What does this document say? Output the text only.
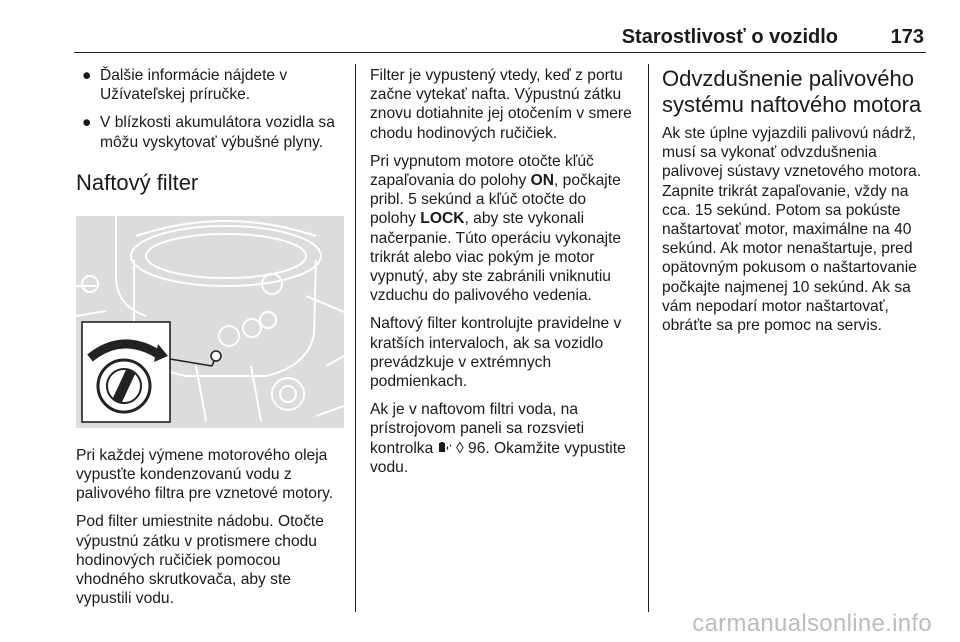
Starostlivosť o vozidlo	173
● Ďalšie informácie nájdete v Užívateľskej príručke.
● V blízkosti akumulátora vozidla sa môžu vyskytovať výbušné plyny.
Naftový filter

Pri každej výmene motorového oleja vypusťte kondenzovanú vodu z palivového filtra pre vznetové motory.

Pod filter umiestnite nádobu. Otočte výpustnú zátku v protismere chodu hodinových ručičiek pomocou vhodného skrutkovača, aby ste vypustili vodu.

Filter je vypustený vtedy, keď z portu začne vytekať nafta. Výpustnú zátku znovu dotiahnite jej otočením v smere chodu hodinových ručičiek.

Pri vypnutom motore otočte kľúč zapaľovania do polohy ON, počkajte pribl. 5 sekúnd a kľúč otočte do polohy LOCK, aby ste vykonali načerpanie. Túto operáciu vykonajte trikrát alebo viac pokým je motor vypnutý, aby ste zabránili vniknutiu vzduchu do palivového vedenia.

Naftový filter kontrolujte pravidelne v kratších intervaloch, ak sa vozidlo prevádzkuje v extrémnych podmienkach.

Ak je v naftovom filtri voda, na prístrojovom paneli sa rozsvieti kontrolka  ◊ 96. Okamžite vypustite vodu.

Odvzdušnenie palivového systému naftového motora

Ak ste úplne vyjazdili palivovú nádrž, musí sa vykonať odvzdušnenia palivovej sústavy vznetového motora. Zapnite trikrát zapaľovanie, vždy na cca. 15 sekúnd. Potom sa pokúste naštartovať motor, maximálne na 40 sekúnd. Ak motor nenaštartuje, pred opätovným pokusom o naštartovanie počkajte najmenej 10 sekúnd. Ak sa vám nepodarí motor naštartovať, obráťte sa pre pomoc na servis.

carmanualsonline.info
